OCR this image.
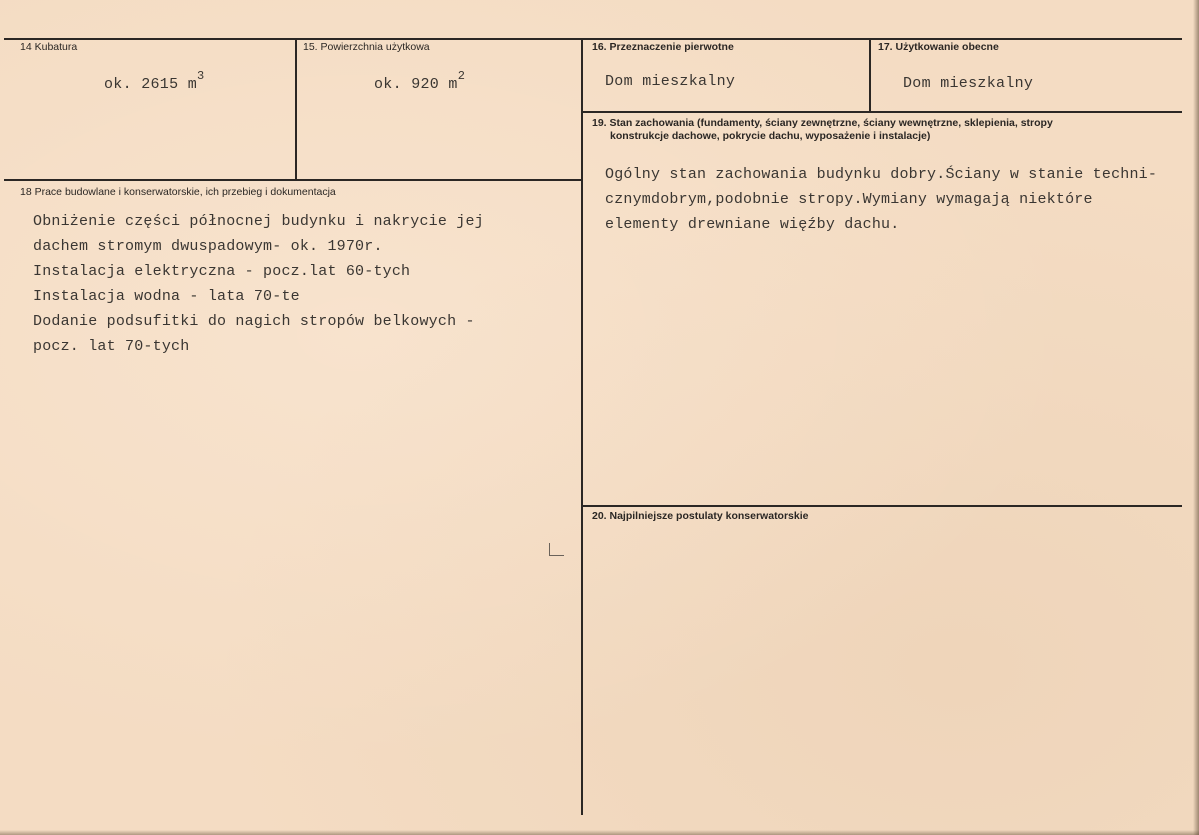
14 Kubatura
ok. 2615 $m^3$
15. Powierzchnia użytkowa
ok. 920 $m^2$
16. Przeznaczenie pierwotne
Dom mieszkalny
17. Użytkowanie obecne
Dom mieszkalny
19. Stan zachowania (fundamenty, ściany zewnętrzne, ściany wewnętrzne, sklepienia, stropy
konstrukcje dachowe, pokrycie dachu, wyposażenie i instalacje)
Ogólny stan zachowania budynku dobry.Ściany w stanie techni-
cznymdobrym,podobnie stropy.Wymiany wymagają niektóre
elementy drewniane więźby dachu.
18 Prace budowlane i konserwatorskie, ich przebieg i dokumentacja
Obniżenie części północnej budynku i nakrycie jej
dachem stromym dwuspadowym- ok. 1970r.
Instalacja elektryczna - pocz.lat 60-tych
Instalacja wodna - lata 70-te
Dodanie podsufitki do nagich stropów belkowych -
pocz. lat 70-tych
20. Najpilniejsze postulaty konserwatorskie
